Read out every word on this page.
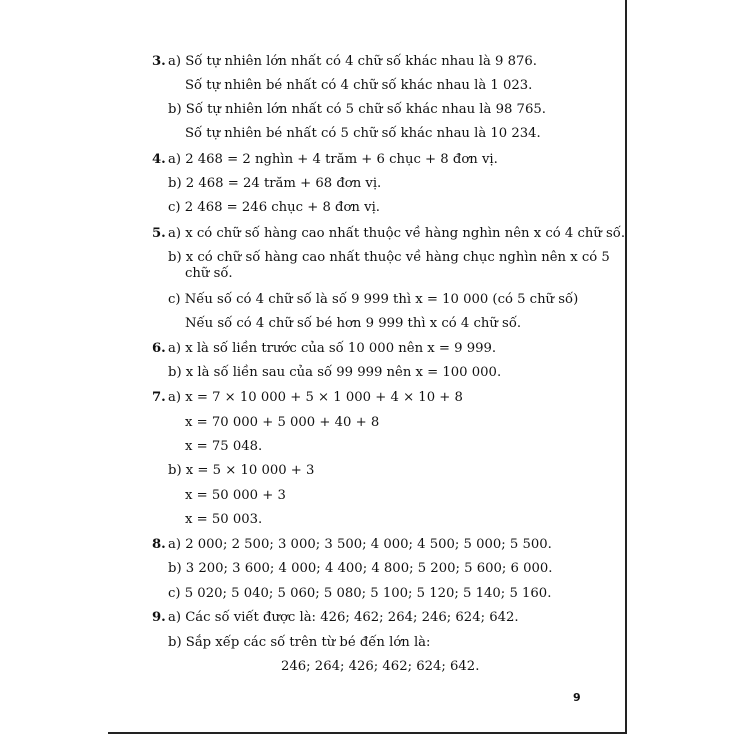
3. a) Số tự nhiên lớn nhất có 4 chữ số khác nhau là 9 876.
Số tự nhiên bé nhất có 4 chữ số khác nhau là 1 023.
b) Số tự nhiên lớn nhất có 5 chữ số khác nhau là 98 765.
Số tự nhiên bé nhất có 5 chữ số khác nhau là 10 234.
4. a) 2 468 = 2 nghìn + 4 trăm + 6 chục + 8 đơn vị.
b) 2 468 = 24 trăm + 68 đơn vị.
c) 2 468 = 246 chục + 8 đơn vị.
5. a) x có chữ số hàng cao nhất thuộc về hàng nghìn nên x có 4 chữ số.
b) x có chữ số hàng cao nhất thuộc về hàng chục nghìn nên x có 5
chữ số.
c) Nếu số có 4 chữ số là số 9 999 thì x = 10 000 (có 5 chữ số)
Nếu số có 4 chữ số bé hơn 9 999 thì x có 4 chữ số.
6. a) x là số liền trước của số 10 000 nên x = 9 999.
b) x là số liền sau của số 99 999 nên x = 100 000.
7. a) x = 7 × 10 000 + 5 × 1 000 + 4 × 10 + 8
x = 70 000 + 5 000 + 40 + 8
x = 75 048.
b) x = 5 × 10 000 + 3
x = 50 000 + 3
x = 50 003.
8. a) 2 000; 2 500; 3 000; 3 500; 4 000; 4 500; 5 000; 5 500.
b) 3 200; 3 600; 4 000; 4 400; 4 800; 5 200; 5 600; 6 000.
c) 5 020; 5 040; 5 060; 5 080; 5 100; 5 120; 5 140; 5 160.
9. a) Các số viết được là: 426; 462; 264; 246; 624; 642.
b) Sắp xếp các số trên từ bé đến lớn là:
246; 264; 426; 462; 624; 642.
9
